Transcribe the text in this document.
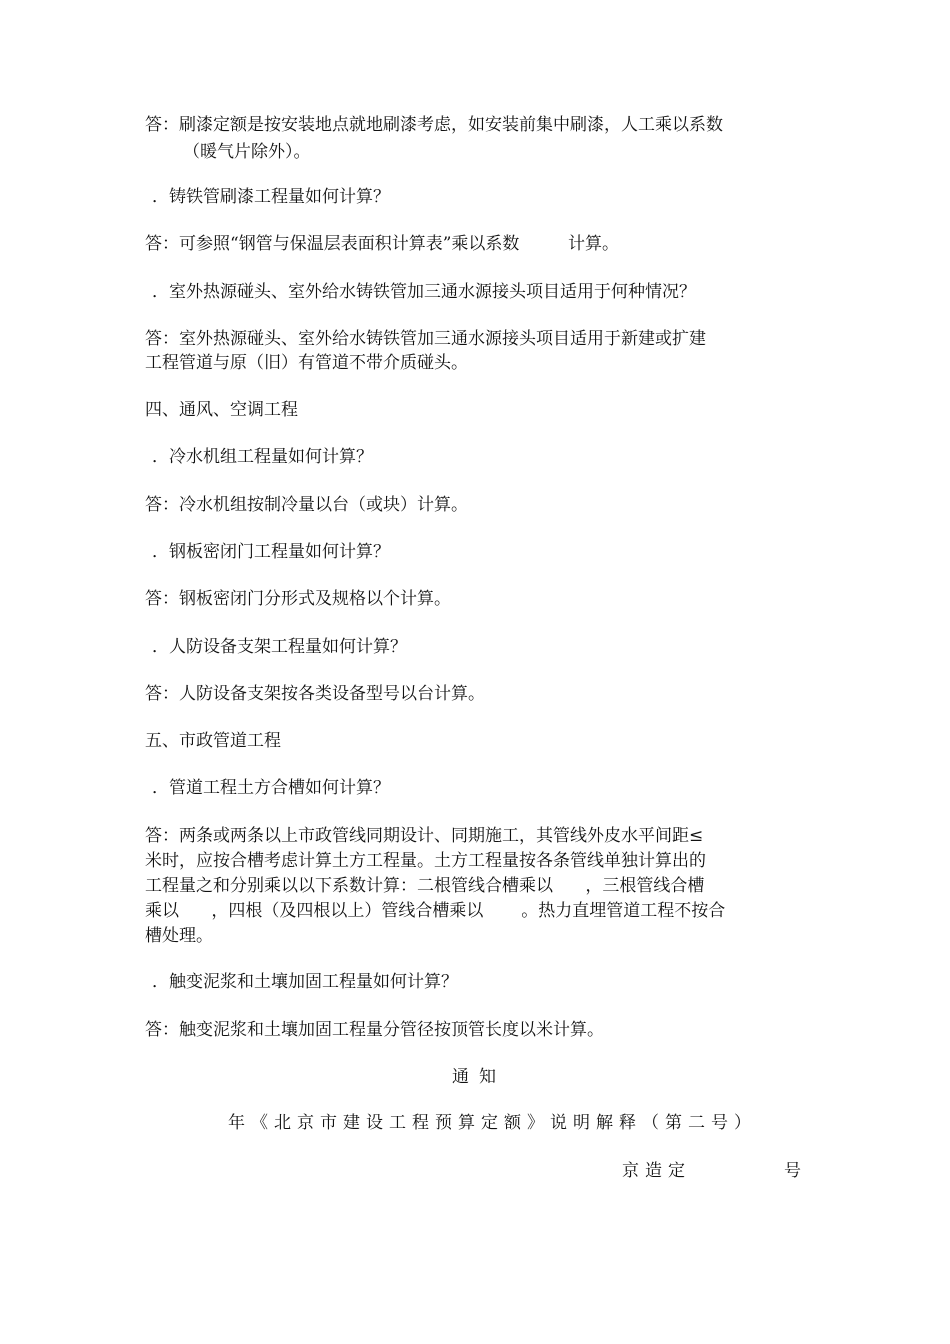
答：刷漆定额是按安装地点就地刷漆考虑，如安装前集中刷漆，人工乘以系数
（暖气片除外）。
．铸铁管刷漆工程量如何计算？
答：可参照“钢管与保温层表面积计算表”乘以系数         计算。
．室外热源碰头、室外给水铸铁管加三通水源接头项目适用于何种情况？
答：室外热源碰头、室外给水铸铁管加三通水源接头项目适用于新建或扩建
工程管道与原（旧）有管道不带介质碰头。
四、通风、空调工程
．冷水机组工程量如何计算？
答：冷水机组按制冷量以台（或块）计算。
．钢板密闭门工程量如何计算？
答：钢板密闭门分形式及规格以个计算。
．人防设备支架工程量如何计算？
答：人防设备支架按各类设备型号以台计算。
五、市政管道工程
．管道工程土方合槽如何计算？
答：两条或两条以上市政管线同期设计、同期施工，其管线外皮水平间距≤
米时，应按合槽考虑计算土方工程量。土方工程量按各条管线单独计算出的
工程量之和分别乘以以下系数计算：二根管线合槽乘以      ，三根管线合槽
乘以      ，四根（及四根以上）管线合槽乘以       。热力直埋管道工程不按合
槽处理。
．触变泥浆和土壤加固工程量如何计算？
答：触变泥浆和土壤加固工程量分管径按顶管长度以米计算。
通知
年《北京市建设工程预算定额》说明解释（第二号）
京造定	号
